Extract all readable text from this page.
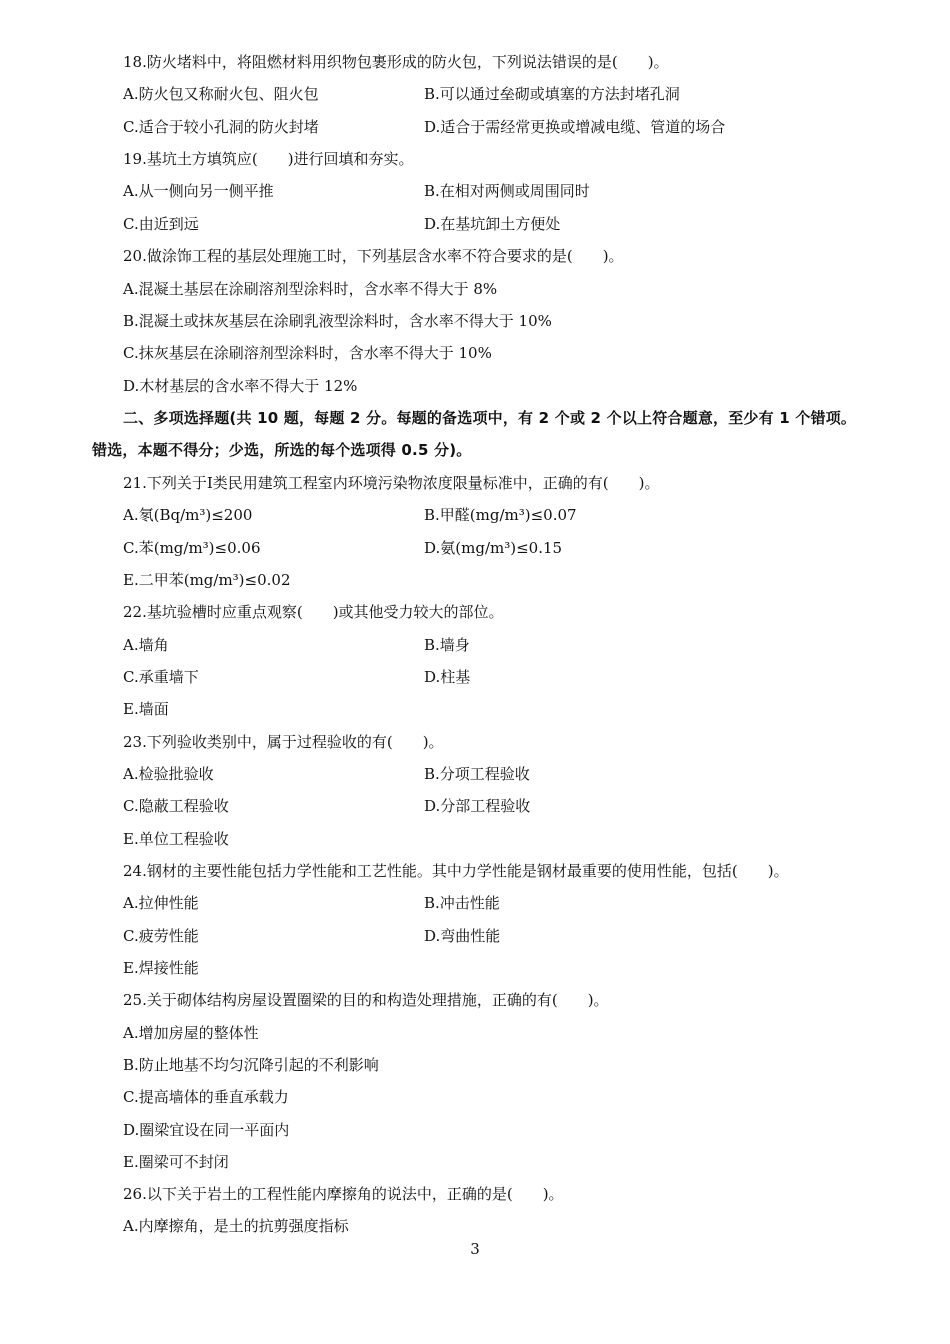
18.防火堵料中，将阻燃材料用织物包裹形成的防火包，下列说法错误的是(　　)。
A.防火包又称耐火包、阻火包	B.可以通过垒砌或填塞的方法封堵孔洞
C.适合于较小孔洞的防火封堵	D.适合于需经常更换或增减电缆、管道的场合
19.基坑土方填筑应(　　)进行回填和夯实。
A.从一侧向另一侧平推	B.在相对两侧或周围同时
C.由近到远	D.在基坑卸土方便处
20.做涂饰工程的基层处理施工时，下列基层含水率不符合要求的是(　　)。
A.混凝土基层在涂刷溶剂型涂料时，含水率不得大于 8%
B.混凝土或抹灰基层在涂刷乳液型涂料时，含水率不得大于 10%
C.抹灰基层在涂刷溶剂型涂料时，含水率不得大于 10%
D.木材基层的含水率不得大于 12%
二、多项选择题(共 10 题，每题 2 分。每题的备选项中，有 2 个或 2 个以上符合题意，至少有 1 个错项。错选，本题不得分；少选，所选的每个选项得 0.5 分)。
21.下列关于Ⅰ类民用建筑工程室内环境污染物浓度限量标准中，正确的有(　　)。
A.氡(Bq/m³)≤200	B.甲醛(mg/m³)≤0.07
C.苯(mg/m³)≤0.06	D.氨(mg/m³)≤0.15
E.二甲苯(mg/m³)≤0.02
22.基坑验槽时应重点观察(　　)或其他受力较大的部位。
A.墙角	B.墙身
C.承重墙下	D.柱基
E.墙面
23.下列验收类别中，属于过程验收的有(　　)。
A.检验批验收	B.分项工程验收
C.隐蔽工程验收	D.分部工程验收
E.单位工程验收
24.钢材的主要性能包括力学性能和工艺性能。其中力学性能是钢材最重要的使用性能，包括(　　)。
A.拉伸性能	B.冲击性能
C.疲劳性能	D.弯曲性能
E.焊接性能
25.关于砌体结构房屋设置圈梁的目的和构造处理措施，正确的有(　　)。
A.增加房屋的整体性
B.防止地基不均匀沉降引起的不利影响
C.提高墙体的垂直承载力
D.圈梁宜设在同一平面内
E.圈梁可不封闭
26.以下关于岩土的工程性能内摩擦角的说法中，正确的是(　　)。
A.内摩擦角，是土的抗剪强度指标
3
